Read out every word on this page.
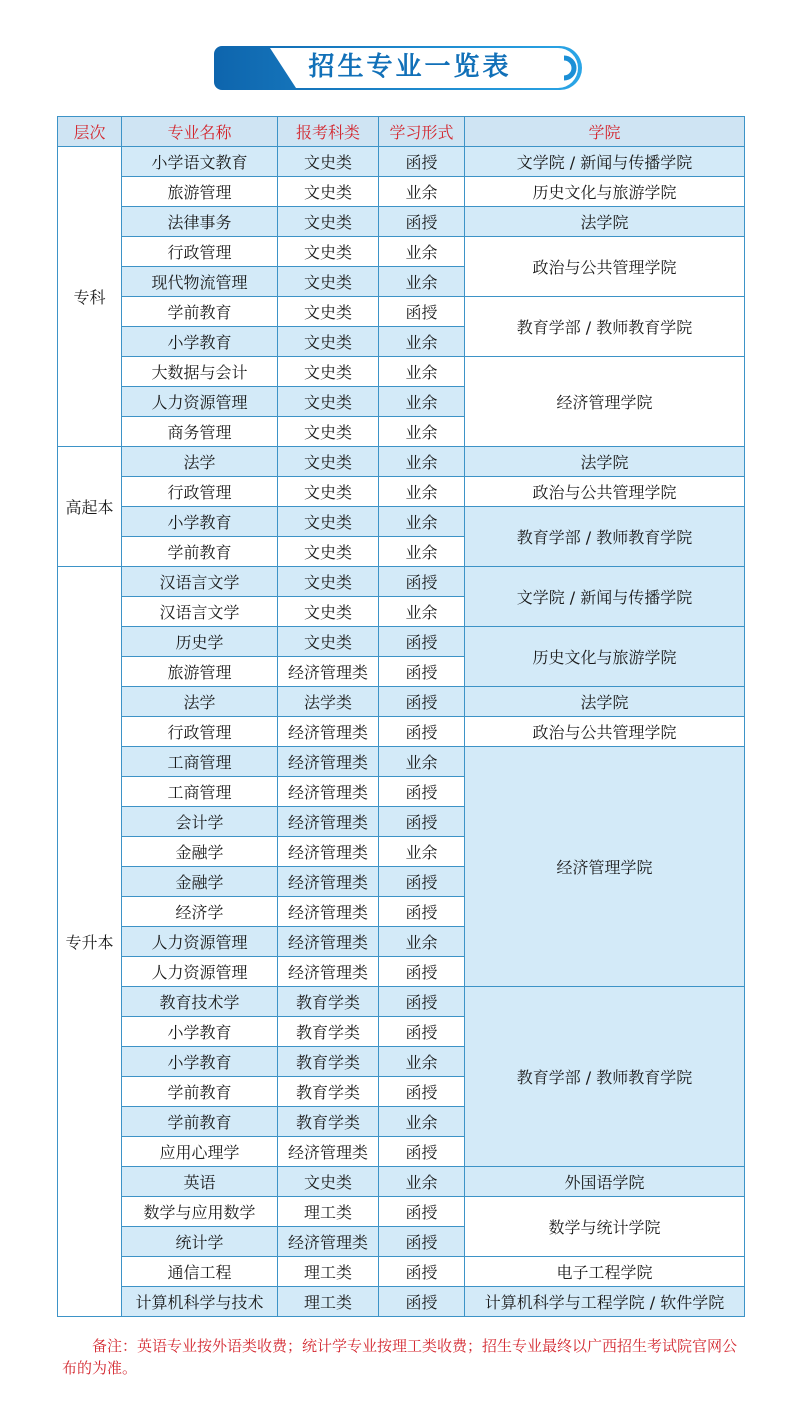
招生专业一览表
层次	专业名称	报考科类	学习形式	学院
专科	小学语文教育	文史类	函授	文学院 / 新闻与传播学院
	旅游管理	文史类	业余	历史文化与旅游学院
	法律事务	文史类	函授	法学院
	行政管理	文史类	业余	政治与公共管理学院
	现代物流管理	文史类	业余	
	学前教育	文史类	函授	教育学部 / 教师教育学院
	小学教育	文史类	业余	
	大数据与会计	文史类	业余	经济管理学院
	人力资源管理	文史类	业余	
	商务管理	文史类	业余	
高起本	法学	文史类	业余	法学院
	行政管理	文史类	业余	政治与公共管理学院
	小学教育	文史类	业余	教育学部 / 教师教育学院
	学前教育	文史类	业余	
专升本	汉语言文学	文史类	函授	文学院 / 新闻与传播学院
	汉语言文学	文史类	业余	
	历史学	文史类	函授	历史文化与旅游学院
	旅游管理	经济管理类	函授	
	法学	法学类	函授	法学院
	行政管理	经济管理类	函授	政治与公共管理学院
	工商管理	经济管理类	业余	经济管理学院
	工商管理	经济管理类	函授	
	会计学	经济管理类	函授	
	金融学	经济管理类	业余	
	金融学	经济管理类	函授	
	经济学	经济管理类	函授	
	人力资源管理	经济管理类	业余	
	人力资源管理	经济管理类	函授	
	教育技术学	教育学类	函授	教育学部 / 教师教育学院
	小学教育	教育学类	函授	
	小学教育	教育学类	业余	
	学前教育	教育学类	函授	
	学前教育	教育学类	业余	
	应用心理学	经济管理类	函授	
	英语	文史类	业余	外国语学院
	数学与应用数学	理工类	函授	数学与统计学院
	统计学	经济管理类	函授	
	通信工程	理工类	函授	电子工程学院
	计算机科学与技术	理工类	函授	计算机科学与工程学院 / 软件学院
备注：英语专业按外语类收费；统计学专业按理工类收费；招生专业最终以广西招生考试院官网公布的为准。
